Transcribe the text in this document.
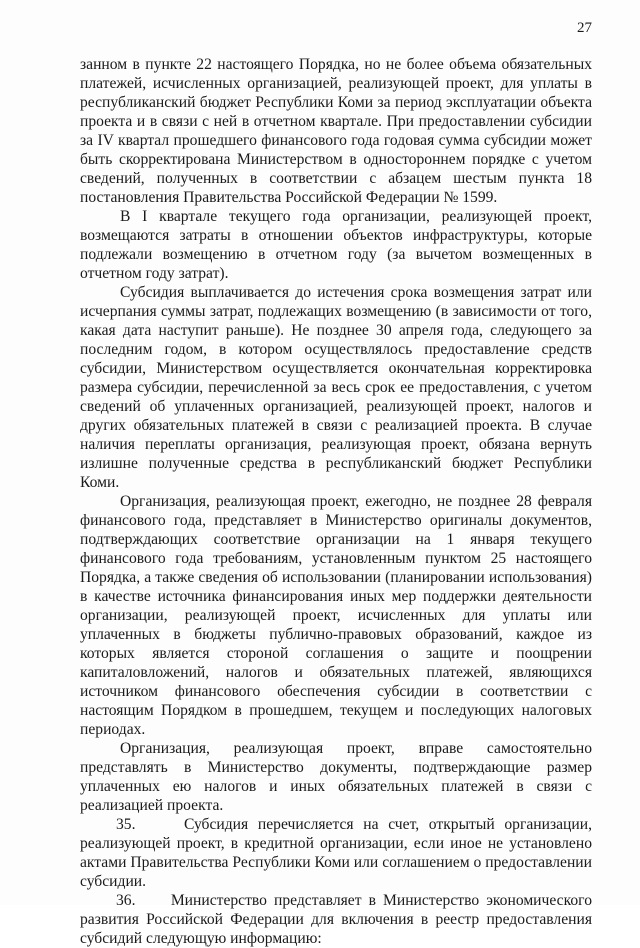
27

занном в пункте 22 настоящего Порядка, но не более объема обязательных платежей, исчисленных организацией, реализующей проект, для уплаты в республиканский бюджет Республики Коми за период эксплуатации объекта проекта и в связи с ней в отчетном квартале. При предоставлении субсидии за IV квартал прошедшего финансового года годовая сумма субсидии может быть скорректирована Министерством в одностороннем порядке с учетом сведений, полученных в соответствии с абзацем шестым пункта 18 постановления Правительства Российской Федерации № 1599.

В I квартале текущего года организации, реализующей проект, возмещаются затраты в отношении объектов инфраструктуры, которые подлежали возмещению в отчетном году (за вычетом возмещенных в отчетном году затрат).

Субсидия выплачивается до истечения срока возмещения затрат или исчерпания суммы затрат, подлежащих возмещению (в зависимости от того, какая дата наступит раньше). Не позднее 30 апреля года, следующего за последним годом, в котором осуществлялось предоставление средств субсидии, Министерством осуществляется окончательная корректировка размера субсидии, перечисленной за весь срок ее предоставления, с учетом сведений об уплаченных организацией, реализующей проект, налогов и других обязательных платежей в связи с реализацией проекта. В случае наличия переплаты организация, реализующая проект, обязана вернуть излишне полученные средства в республиканский бюджет Республики Коми.

Организация, реализующая проект, ежегодно, не позднее 28 февраля финансового года, представляет в Министерство оригиналы документов, подтверждающих соответствие организации на 1 января текущего финансового года требованиям, установленным пунктом 25 настоящего Порядка, а также сведения об использовании (планировании использования) в качестве источника финансирования иных мер поддержки деятельности организации, реализующей проект, исчисленных для уплаты или уплаченных в бюджеты публично-правовых образований, каждое из которых является стороной соглашения о защите и поощрении капиталовложений, налогов и обязательных платежей, являющихся источником финансового обеспечения субсидии в соответствии с настоящим Порядком в прошедшем, текущем и последующих налоговых периодах.

Организация, реализующая проект, вправе самостоятельно представлять в Министерство документы, подтверждающие размер уплаченных ею налогов и иных обязательных платежей в связи с реализацией проекта.

35.	Субсидия перечисляется на счет, открытый организации, реализующей проект, в кредитной организации, если иное не установлено актами Правительства Республики Коми или соглашением о предоставлении субсидии.

36. Министерство представляет в Министерство экономического развития Российской Федерации для включения в реестр предоставления субсидий следующую информацию:
